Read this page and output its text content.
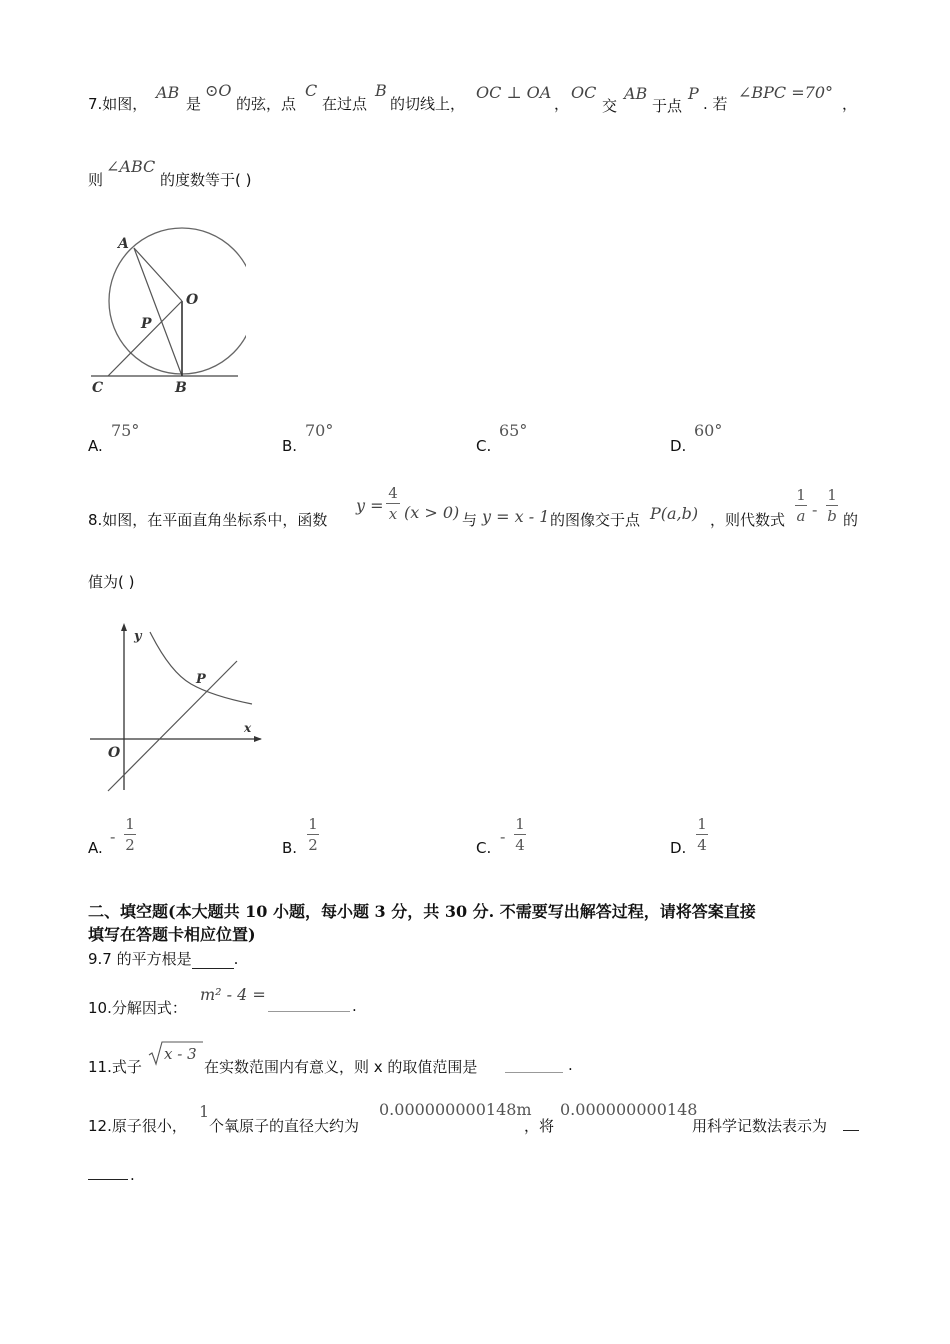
7.如图，
AB
是
⊙O
的弦，点
C
在过点
B
的切线上，
OC ⊥ OA
，
OC
交
AB
于点
P
. 若
∠BPC =70°
，
则
∠ABC
的度数等于( )
A
O
P
C	B
A.
75°
B.
70°
C.
65°
D.
60°
8.如图，在平面直角坐标系中，函数
y =
4
x (x > 0) 与 y = x - 1 的图像交于点 P(a,b) ，则代数式
1
a -
1
b 的
值为( )
y
x
O
P
A.
-
1
2	B.
1
2	C.
-
1
4	D.
1
4
二、填空题(本大题共 10 小题，每小题 3 分，共 30 分. 不需要写出解答过程，请将答案直接
填写在答题卡相应位置)
9.7 的平方根是	.
10.分解因式：
m² - 4 =
.
11.式子
x - 3
在实数范围内有意义，则 x 的取值范围是	.
12.原子很小，
1
个氧原子的直径大约为
0.000000000148m
，将
0.000000000148
用科学记数法表示为
.
